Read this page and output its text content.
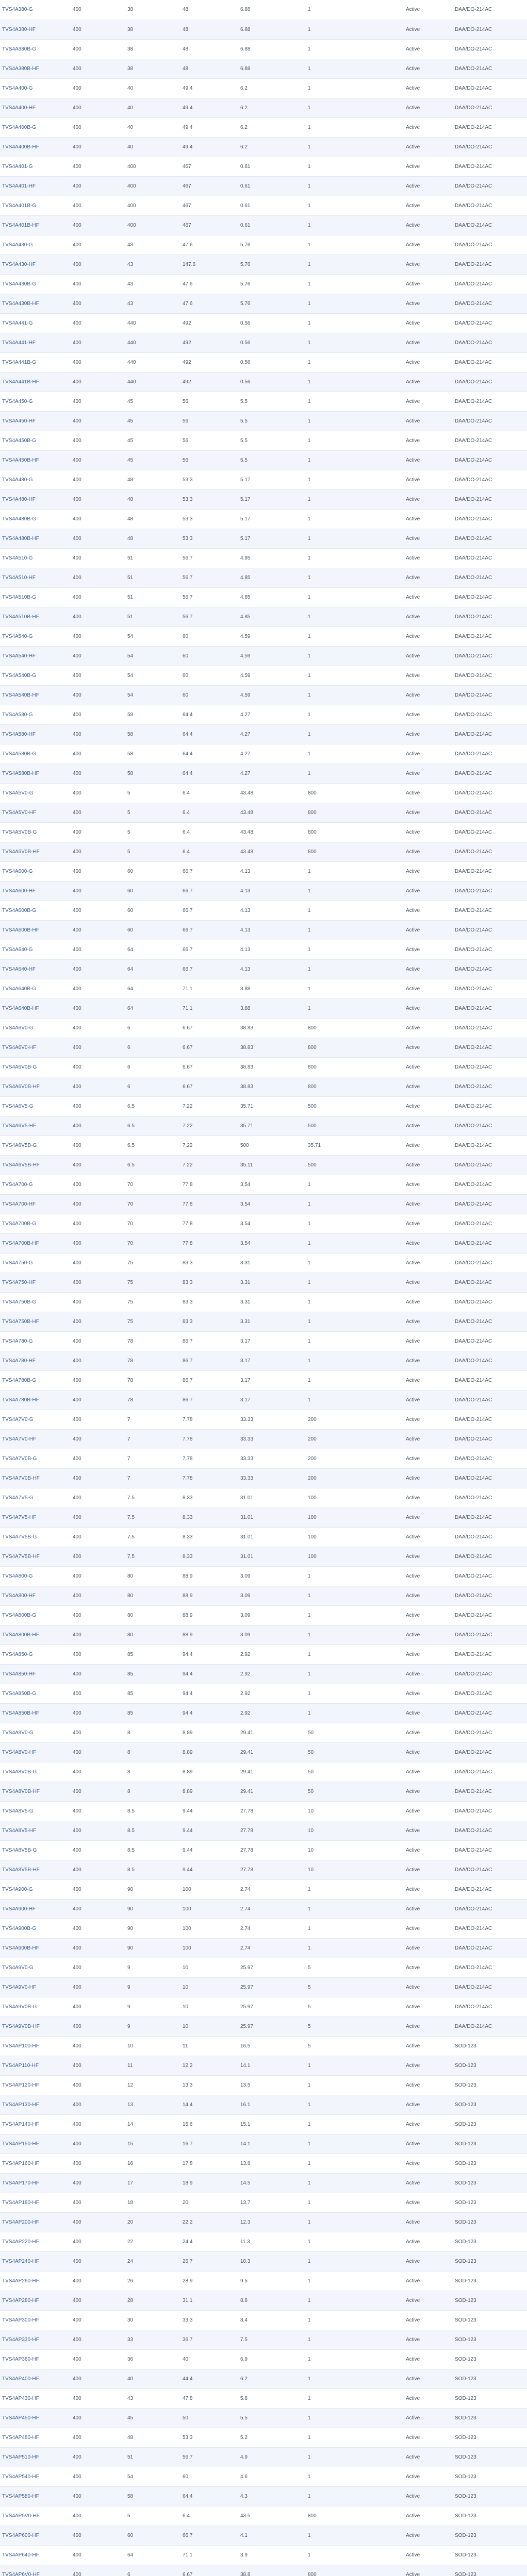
TVS4A380-G	400	38	48	6.88	1		Active	DAA/DO-214AC
TVS4A380-HF	400	38	48	6.88	1		Active	DAA/DO-214AC
TVS4A380B-G	400	38	48	6.88	1		Active	DAA/DO-214AC
TVS4A380B-HF	400	38	48	6.88	1		Active	DAA/DO-214AC
TVS4A400-G	400	40	49.4	6.2	1		Active	DAA/DO-214AC
TVS4A400-HF	400	40	49.4	6.2	1		Active	DAA/DO-214AC
TVS4A400B-G	400	40	49.4	6.2	1		Active	DAA/DO-214AC
TVS4A400B-HF	400	40	49.4	6.2	1		Active	DAA/DO-214AC
TVS4A401-G	400	400	467	0.61	1		Active	DAA/DO-214AC
TVS4A401-HF	400	400	467	0.61	1		Active	DAA/DO-214AC
TVS4A401B-G	400	400	467	0.61	1		Active	DAA/DO-214AC
TVS4A401B-HF	400	400	467	0.61	1		Active	DAA/DO-214AC
TVS4A430-G	400	43	47.6	5.76	1		Active	DAA/DO-214AC
TVS4A430-HF	400	43	147.6	5.76	1		Active	DAA/DO-214AC
TVS4A430B-G	400	43	47.6	5.76	1		Active	DAA/DO-214AC
TVS4A430B-HF	400	43	47.6	5.76	1		Active	DAA/DO-214AC
TVS4A441-G	400	440	492	0.56	1		Active	DAA/DO-214AC
TVS4A441-HF	400	440	492	0.56	1		Active	DAA/DO-214AC
TVS4A441B-G	400	440	492	0.56	1		Active	DAA/DO-214AC
TVS4A441B-HF	400	440	492	0.56	1		Active	DAA/DO-214AC
TVS4A450-G	400	45	56	5.5	1		Active	DAA/DO-214AC
TVS4A450-HF	400	45	56	5.5	1		Active	DAA/DO-214AC
TVS4A450B-G	400	45	56	5.5	1		Active	DAA/DO-214AC
TVS4A450B-HF	400	45	56	5.5	1		Active	DAA/DO-214AC
TVS4A480-G	400	48	53.3	5.17	1		Active	DAA/DO-214AC
TVS4A480-HF	400	48	53.3	5.17	1		Active	DAA/DO-214AC
TVS4A480B-G	400	48	53.3	5.17	1		Active	DAA/DO-214AC
TVS4A480B-HF	400	48	53.3	5.17	1		Active	DAA/DO-214AC
TVS4A510-G	400	51	56.7	4.85	1		Active	DAA/DO-214AC
TVS4A510-HF	400	51	56.7	4.85	1		Active	DAA/DO-214AC
TVS4A510B-G	400	51	56.7	4.85	1		Active	DAA/DO-214AC
TVS4A510B-HF	400	51	56.7	4.85	1		Active	DAA/DO-214AC
TVS4A540-G	400	54	60	4.59	1		Active	DAA/DO-214AC
TVS4A540-HF	400	54	60	4.59	1		Active	DAA/DO-214AC
TVS4A540B-G	400	54	60	4.59	1		Active	DAA/DO-214AC
TVS4A540B-HF	400	54	60	4.59	1		Active	DAA/DO-214AC
TVS4A580-G	400	58	64.4	4.27	1		Active	DAA/DO-214AC
TVS4A580-HF	400	58	64.4	4.27	1		Active	DAA/DO-214AC
TVS4A580B-G	400	58	64.4	4.27	1		Active	DAA/DO-214AC
TVS4A580B-HF	400	58	64.4	4.27	1		Active	DAA/DO-214AC
TVS4A5V0-G	400	5	6.4	43.48	800		Active	DAA/DO-214AC
TVS4A5V0-HF	400	5	6.4	43.48	800		Active	DAA/DO-214AC
TVS4A5V0B-G	400	5	6.4	43.48	800		Active	DAA/DO-214AC
TVS4A5V0B-HF	400	5	6.4	43.48	800		Active	DAA/DO-214AC
TVS4A600-G	400	60	66.7	4.13	1		Active	DAA/DO-214AC
TVS4A600-HF	400	60	66.7	4.13	1		Active	DAA/DO-214AC
TVS4A600B-G	400	60	66.7	4.13	1		Active	DAA/DO-214AC
TVS4A600B-HF	400	60	66.7	4.13	1		Active	DAA/DO-214AC
TVS4A640-G	400	64	66.7	4.13	1		Active	DAA/DO-214AC
TVS4A640-HF	400	64	66.7	4.13	1		Active	DAA/DO-214AC
TVS4A640B-G	400	64	71.1	3.88	1		Active	DAA/DO-214AC
TVS4A640B-HF	400	64	71.1	3.88	1		Active	DAA/DO-214AC
TVS4A6V0-G	400	6	6.67	38.83	800		Active	DAA/DO-214AC
TVS4A6V0-HF	400	6	6.67	38.83	800		Active	DAA/DO-214AC
TVS4A6V0B-G	400	6	6.67	38.83	800		Active	DAA/DO-214AC
TVS4A6V0B-HF	400	6	6.67	38.83	800		Active	DAA/DO-214AC
TVS4A6V5-G	400	6.5	7.22	35.71	500		Active	DAA/DO-214AC
TVS4A6V5-HF	400	6.5	7.22	35.71	500		Active	DAA/DO-214AC
TVS4A6V5B-G	400	6.5	7.22	500	35.71		Active	DAA/DO-214AC
TVS4A6V5B-HF	400	6.5	7.22	35.11	500		Active	DAA/DO-214AC
TVS4A700-G	400	70	77.8	3.54	1		Active	DAA/DO-214AC
TVS4A700-HF	400	70	77.8	3.54	1		Active	DAA/DO-214AC
TVS4A700B-G	400	70	77.8	3.54	1		Active	DAA/DO-214AC
TVS4A700B-HF	400	70	77.8	3.54	1		Active	DAA/DO-214AC
TVS4A750-G	400	75	83.3	3.31	1		Active	DAA/DO-214AC
TVS4A750-HF	400	75	83.3	3.31	1		Active	DAA/DO-214AC
TVS4A750B-G	400	75	83.3	3.31	1		Active	DAA/DO-214AC
TVS4A750B-HF	400	75	83.3	3.31	1		Active	DAA/DO-214AC
TVS4A780-G	400	78	86.7	3.17	1		Active	DAA/DO-214AC
TVS4A780-HF	400	78	86.7	3.17	1		Active	DAA/DO-214AC
TVS4A780B-G	400	78	86.7	3.17	1		Active	DAA/DO-214AC
TVS4A780B-HF	400	78	86.7	3.17	1		Active	DAA/DO-214AC
TVS4A7V0-G	400	7	7.78	33.33	200		Active	DAA/DO-214AC
TVS4A7V0-HF	400	7	7.78	33.33	200		Active	DAA/DO-214AC
TVS4A7V0B-G	400	7	7.78	33.33	200		Active	DAA/DO-214AC
TVS4A7V0B-HF	400	7	7.78	33.33	200		Active	DAA/DO-214AC
TVS4A7V5-G	400	7.5	8.33	31.01	100		Active	DAA/DO-214AC
TVS4A7V5-HF	400	7.5	8.33	31.01	100		Active	DAA/DO-214AC
TVS4A7V5B-G	400	7.5	8.33	31.01	100		Active	DAA/DO-214AC
TVS4A7V5B-HF	400	7.5	8.33	31.01	100		Active	DAA/DO-214AC
TVS4A800-G	400	80	88.9	3.09	1		Active	DAA/DO-214AC
TVS4A800-HF	400	80	88.9	3.09	1		Active	DAA/DO-214AC
TVS4A800B-G	400	80	88.9	3.09	1		Active	DAA/DO-214AC
TVS4A800B-HF	400	80	88.9	3.09	1		Active	DAA/DO-214AC
TVS4A850-G	400	85	94.4	2.92	1		Active	DAA/DO-214AC
TVS4A850-HF	400	85	94.4	2.92	1		Active	DAA/DO-214AC
TVS4A850B-G	400	85	94.4	2.92	1		Active	DAA/DO-214AC
TVS4A850B-HF	400	85	94.4	2.92	1		Active	DAA/DO-214AC
TVS4A8V0-G	400	8	8.89	29.41	50		Active	DAA/DO-214AC
TVS4A8V0-HF	400	8	8.89	29.41	50		Active	DAA/DO-214AC
TVS4A8V0B-G	400	8	8.89	29.41	50		Active	DAA/DO-214AC
TVS4A8V0B-HF	400	8	8.89	29.41	50		Active	DAA/DO-214AC
TVS4A8V5-G	400	8.5	9.44	27.78	10		Active	DAA/DO-214AC
TVS4A8V5-HF	400	8.5	9.44	27.78	10		Active	DAA/DO-214AC
TVS4A8V5B-G	400	8.5	9.44	27.78	10		Active	DAA/DO-214AC
TVS4A8V5B-HF	400	8.5	9.44	27.78	10		Active	DAA/DO-214AC
TVS4A900-G	400	90	100	2.74	1		Active	DAA/DO-214AC
TVS4A900-HF	400	90	100	2.74	1		Active	DAA/DO-214AC
TVS4A900B-G	400	90	100	2.74	1		Active	DAA/DO-214AC
TVS4A900B-HF	400	90	100	2.74	1		Active	DAA/DO-214AC
TVS4A9V0-G	400	9	10	25.97	5		Active	DAA/DO-214AC
TVS4A9V0-HF	400	9	10	25.97	5		Active	DAA/DO-214AC
TVS4A9V0B-G	400	9	10	25.97	5		Active	DAA/DO-214AC
TVS4A9V0B-HF	400	9	10	25.97	5		Active	DAA/DO-214AC
TVS4AP100-HF	400	10	11	16.5	5		Active	SOD-123
TVS4AP110-HF	400	11	12.2	14.1	1		Active	SOD-123
TVS4AP120-HF	400	12	13.3	13.5	1		Active	SOD-123
TVS4AP130-HF	400	13	14.4	16.1	1		Active	SOD-123
TVS4AP140-HF	400	14	15.6	15.1	1		Active	SOD-123
TVS4AP150-HF	400	15	16.7	14.1	1		Active	SOD-123
TVS4AP160-HF	400	16	17.8	13.6	1		Active	SOD-123
TVS4AP170-HF	400	17	18.9	14.5	1		Active	SOD-123
TVS4AP180-HF	400	18	20	13.7	1		Active	SOD-123
TVS4AP200-HF	400	20	22.2	12.3	1		Active	SOD-123
TVS4AP220-HF	400	22	24.4	11.3	1		Active	SOD-123
TVS4AP240-HF	400	24	26.7	10.3	1		Active	SOD-123
TVS4AP260-HF	400	26	28.9	9.5	1		Active	SOD-123
TVS4AP280-HF	400	28	31.1	8.8	1		Active	SOD-123
TVS4AP300-HF	400	30	33.3	8.4	1		Active	SOD-123
TVS4AP330-HF	400	33	36.7	7.5	1		Active	SOD-123
TVS4AP360-HF	400	36	40	6.9	1		Active	SOD-123
TVS4AP400-HF	400	40	44.4	6.2	1		Active	SOD-123
TVS4AP430-HF	400	43	47.8	5.8	1		Active	SOD-123
TVS4AP450-HF	400	45	50	5.5	1		Active	SOD-123
TVS4AP480-HF	400	48	53.3	5.2	1		Active	SOD-123
TVS4AP510-HF	400	51	56.7	4.9	1		Active	SOD-123
TVS4AP540-HF	400	54	60	4.6	1		Active	SOD-123
TVS4AP580-HF	400	58	64.4	4.3	1		Active	SOD-123
TVS4AP5V0-HF	400	5	6.4	43.5	800		Active	SOD-123
TVS4AP600-HF	400	60	66.7	4.1	1		Active	SOD-123
TVS4AP640-HF	400	64	71.1	3.9	1		Active	SOD-123
TVS4AP6V0-HF	400	6	6.67	38.8	800		Active	SOD-123
